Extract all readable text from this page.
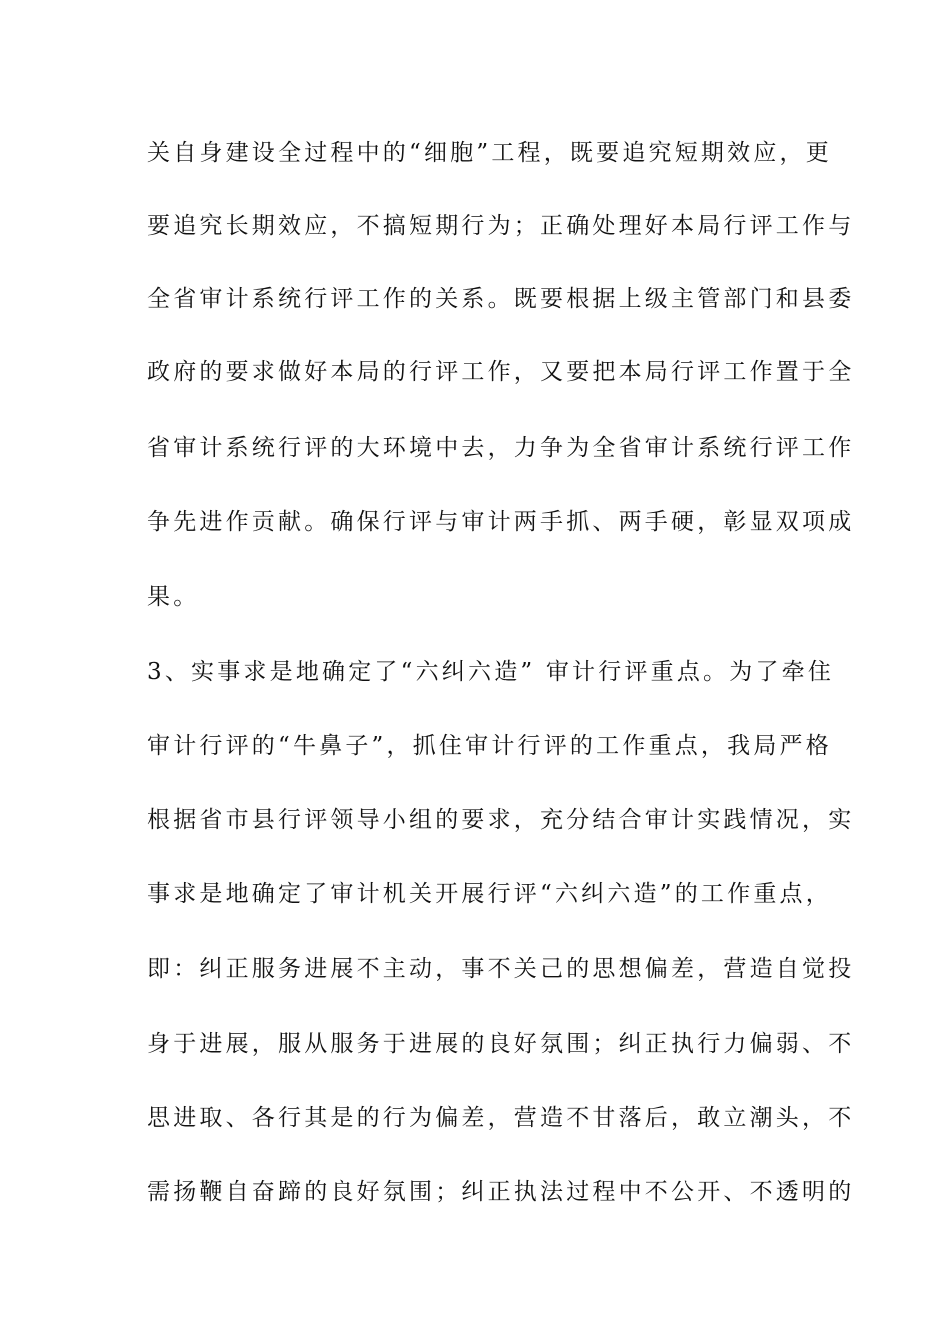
关自身建设全过程中的“细胞”工程，既要追究短期效应，更
要追究长期效应，不搞短期行为；正确处理好本局行评工作与
全省审计系统行评工作的关系。既要根据上级主管部门和县委
政府的要求做好本局的行评工作，又要把本局行评工作置于全
省审计系统行评的大环境中去，力争为全省审计系统行评工作
争先进作贡献。确保行评与审计两手抓、两手硬，彰显双项成
果。
3、实事求是地确定了“六纠六造” 审计行评重点。为了牵住
审计行评的“牛鼻子”，抓住审计行评的工作重点，我局严格
根据省市县行评领导小组的要求，充分结合审计实践情况，实
事求是地确定了审计机关开展行评“六纠六造”的工作重点，
即：纠正服务进展不主动，事不关己的思想偏差，营造自觉投
身于进展，服从服务于进展的良好氛围；纠正执行力偏弱、不
思进取、各行其是的行为偏差，营造不甘落后，敢立潮头，不
需扬鞭自奋蹄的良好氛围；纠正执法过程中不公开、不透明的
